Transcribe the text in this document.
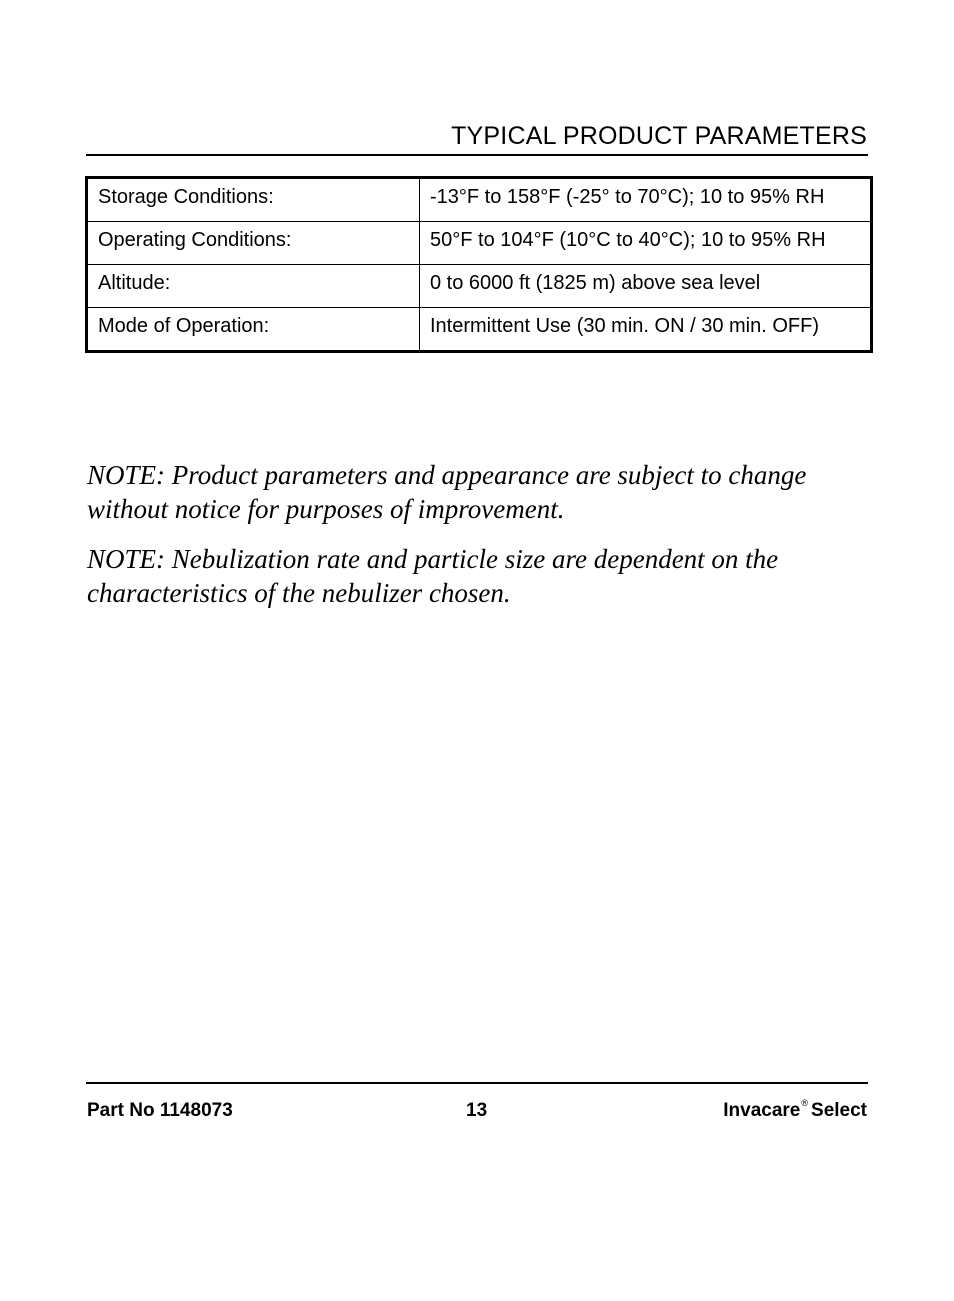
TYPICAL PRODUCT PARAMETERS
Storage Conditions:	-13°F to 158°F (-25° to 70°C); 10 to 95% RH
Operating Conditions:	50°F to 104°F (10°C to 40°C); 10 to 95% RH
Altitude:	0 to 6000 ft (1825 m) above sea level
Mode of Operation:	Intermittent Use (30 min. ON / 30 min. OFF)

NOTE: Product parameters and appearance are subject to change without notice for purposes of improvement.

NOTE: Nebulization rate and particle size are dependent on the characteristics of the nebulizer chosen.

Part No 1148073	13	Invacare® Select
